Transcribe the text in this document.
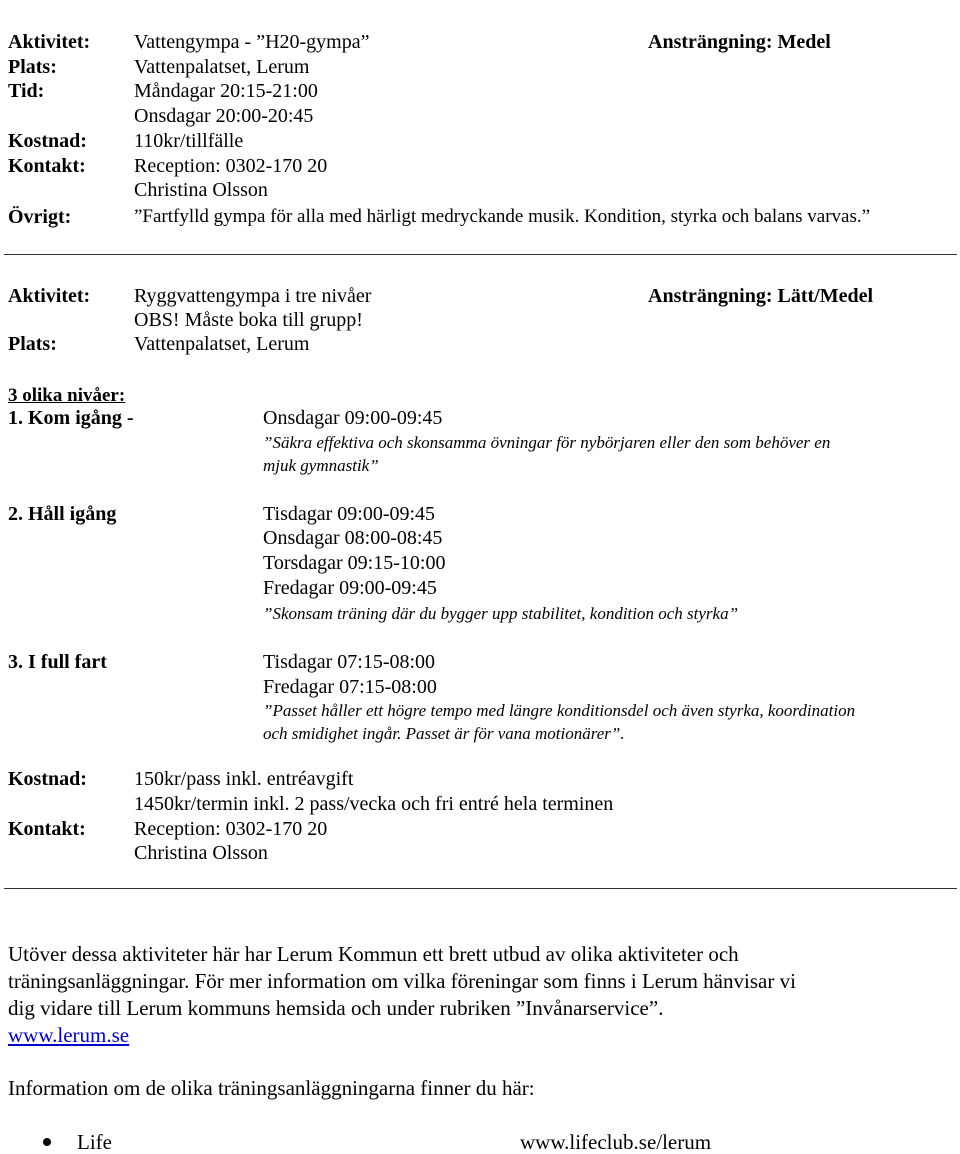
Aktivitet: Vattengympa - ”H20-gympa”	Ansträngning: Medel
Plats:	Vattenpalatset, Lerum
Tid:	Måndagar 20:15-21:00
Onsdagar 20:00-20:45
Kostnad: 110kr/tillfälle
Kontakt: Reception: 0302-170 20
Christina Olsson
Övrigt:	”Fartfylld gympa för alla med härligt medryckande musik. Kondition, styrka och balans varvas.”
Aktivitet: Ryggvattengympa i tre nivåer	Ansträngning: Lätt/Medel
OBS! Måste boka till grupp!
Plats:	Vattenpalatset, Lerum
3 olika nivåer:
1. Kom igång -	Onsdagar 09:00-09:45
”Säkra effektiva och skonsamma övningar för nybörjaren eller den som behöver en
mjuk gymnastik”
2. Håll igång	Tisdagar 09:00-09:45
Onsdagar 08:00-08:45
Torsdagar 09:15-10:00
Fredagar 09:00-09:45
”Skonsam träning där du bygger upp stabilitet, kondition och styrka”
3. I full fart	Tisdagar 07:15-08:00
Fredagar 07:15-08:00
”Passet håller ett högre tempo med längre konditionsdel och även styrka, koordination
och smidighet ingår. Passet är för vana motionärer”.
Kostnad: 150kr/pass inkl. entréavgift
1450kr/termin inkl. 2 pass/vecka och fri entré hela terminen
Kontakt: Reception: 0302-170 20
Christina Olsson
Utöver dessa aktiviteter här har Lerum Kommun ett brett utbud av olika aktiviteter och
träningsanläggningar. För mer information om vilka föreningar som finns i Lerum hänvisar vi
dig vidare till Lerum kommuns hemsida och under rubriken ”Invånarservice”.
www.lerum.se
Information om de olika träningsanläggningarna finner du här:
Life	www.lifeclub.se/lerum
